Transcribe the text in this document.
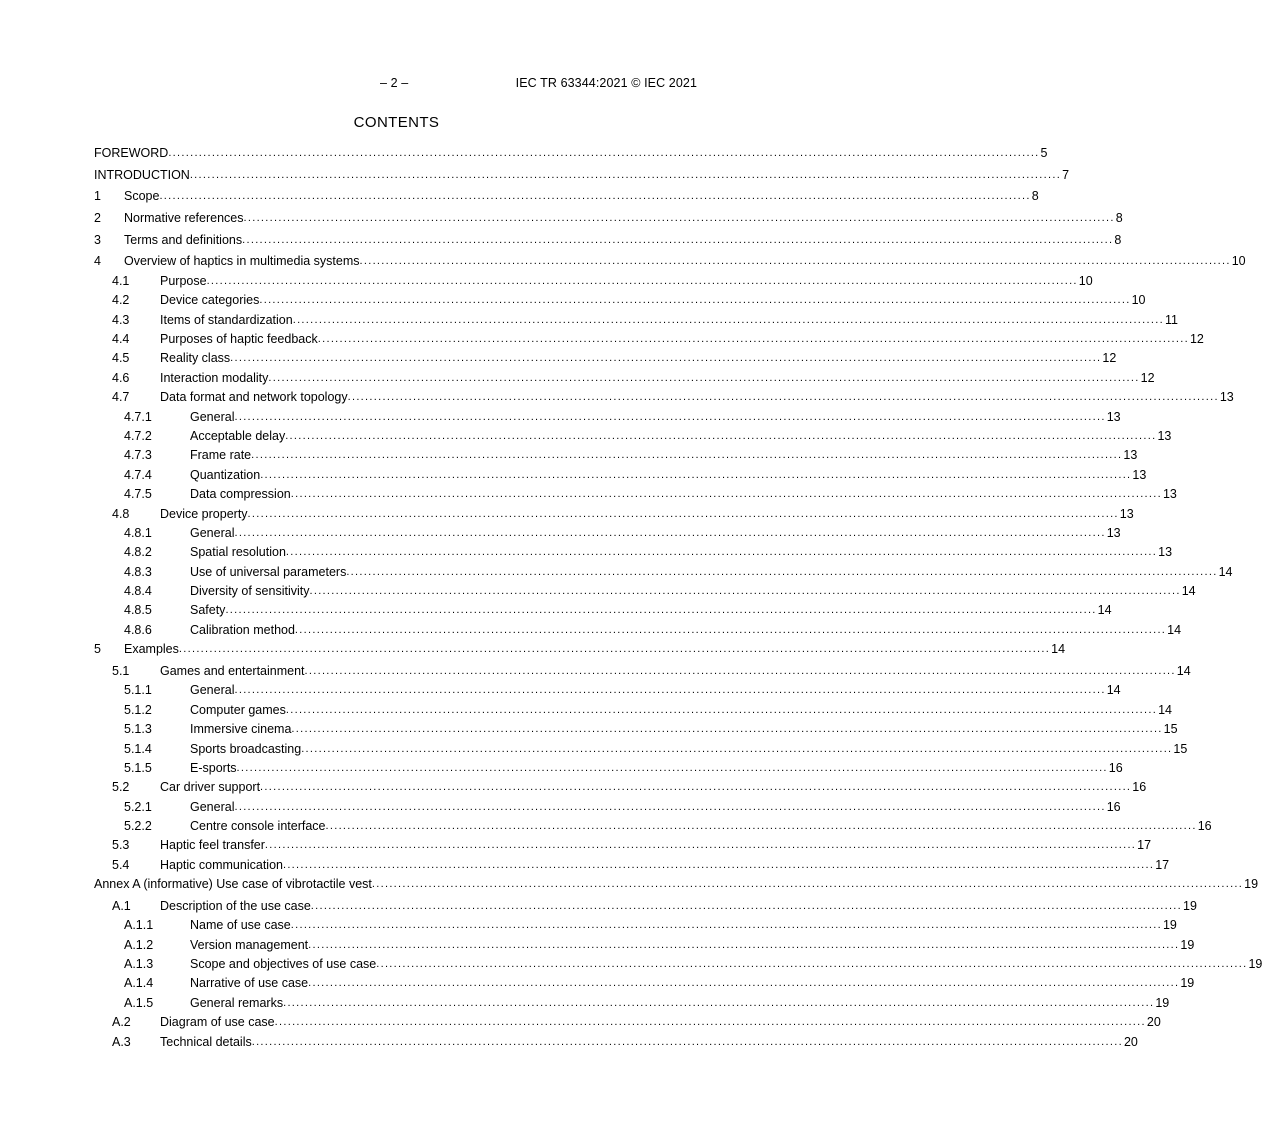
– 2 –	IEC TR 63344:2021 © IEC 2021
CONTENTS
FOREWORD ........................................................................................................................................................................................................ 5
INTRODUCTION ........................................................................................................................................................................................................ 7
1 Scope ........................................................................................................................................................................................................ 8
2 Normative references ........................................................................................................................................................................................................ 8
3 Terms and definitions ........................................................................................................................................................................................................ 8
4 Overview of haptics in multimedia systems ........................................................................................................................................................................................................ 10
4.1 Purpose ........................................................................................................................................................................................................ 10
4.2 Device categories ........................................................................................................................................................................................................ 10
4.3 Items of standardization ........................................................................................................................................................................................................ 11
4.4 Purposes of haptic feedback ........................................................................................................................................................................................................ 12
4.5 Reality class ........................................................................................................................................................................................................ 12
4.6 Interaction modality ........................................................................................................................................................................................................ 12
4.7 Data format and network topology ........................................................................................................................................................................................................ 13
4.7.1	General ........................................................................................................................................................................................................ 13
4.7.2	Acceptable delay ........................................................................................................................................................................................................ 13
4.7.3	Frame rate ........................................................................................................................................................................................................ 13
4.7.4	Quantization ........................................................................................................................................................................................................ 13
4.7.5	Data compression ........................................................................................................................................................................................................ 13
4.8 Device property ........................................................................................................................................................................................................ 13
4.8.1	General ........................................................................................................................................................................................................ 13
4.8.2	Spatial resolution ........................................................................................................................................................................................................ 13
4.8.3	Use of universal parameters ........................................................................................................................................................................................................ 14
4.8.4	Diversity of sensitivity ........................................................................................................................................................................................................ 14
4.8.5	Safety ........................................................................................................................................................................................................ 14
4.8.6	Calibration method ........................................................................................................................................................................................................ 14
5 Examples ........................................................................................................................................................................................................ 14
5.1 Games and entertainment ........................................................................................................................................................................................................ 14
5.1.1	General ........................................................................................................................................................................................................ 14
5.1.2	Computer games ........................................................................................................................................................................................................ 14
5.1.3	Immersive cinema ........................................................................................................................................................................................................ 15
5.1.4	Sports broadcasting ........................................................................................................................................................................................................ 15
5.1.5	E-sports ........................................................................................................................................................................................................ 16
5.2 Car driver support ........................................................................................................................................................................................................ 16
5.2.1	General ........................................................................................................................................................................................................ 16
5.2.2	Centre console interface ........................................................................................................................................................................................................ 16
5.3 Haptic feel transfer ........................................................................................................................................................................................................ 17
5.4 Haptic communication ........................................................................................................................................................................................................ 17
Annex A (informative) Use case of vibrotactile vest ........................................................................................................................................................................................................ 19
A.1 Description of the use case ........................................................................................................................................................................................................ 19
A.1.1	Name of use case ........................................................................................................................................................................................................ 19
A.1.2	Version management ........................................................................................................................................................................................................ 19
A.1.3	Scope and objectives of use case ........................................................................................................................................................................................................ 19
A.1.4	Narrative of use case ........................................................................................................................................................................................................ 19
A.1.5	General remarks ........................................................................................................................................................................................................ 19
A.2 Diagram of use case ........................................................................................................................................................................................................ 20
A.3 Technical details ........................................................................................................................................................................................................ 20
